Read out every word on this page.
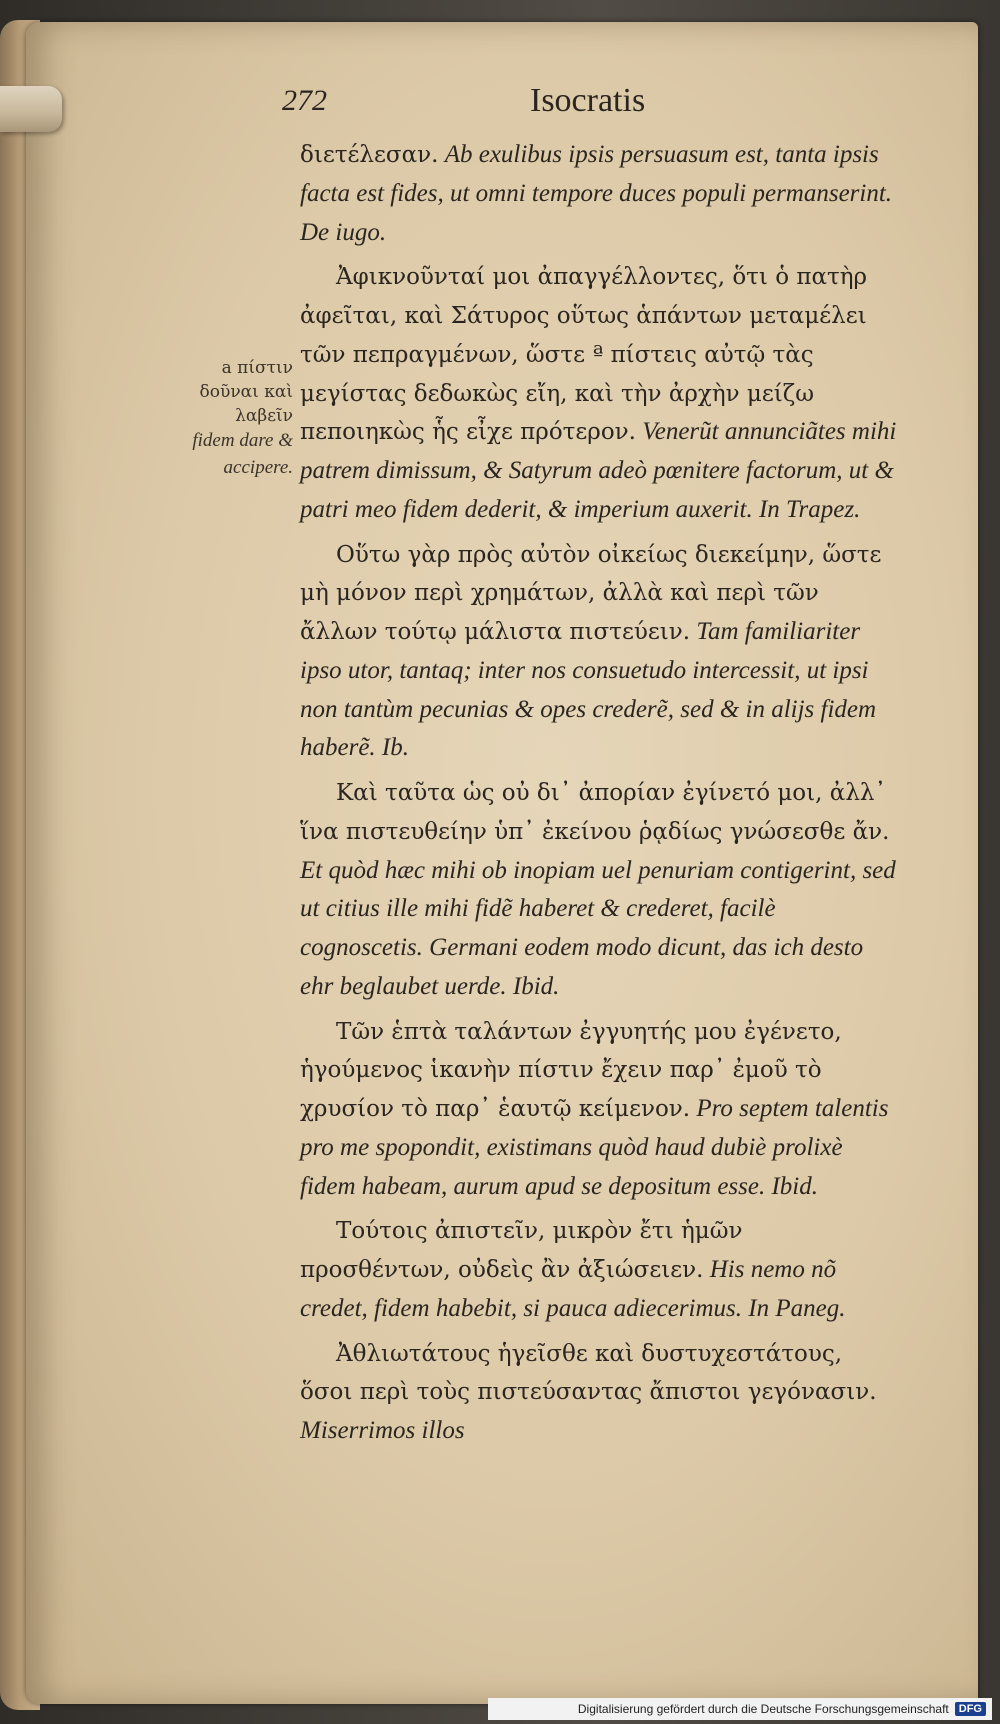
272	Isocratis
a πίστιν δοῦναι καὶ λαβεῖν
fidem dare & accipere.

διετέλεσαν. Ab exulibus ipsis persuasum est, tanta ipsis facta est fides, ut omni tempore duces populi permanserint. De iugo.

Ἀφικνοῦνταί μοι ἀπαγγέλλοντες, ὅτι ὁ πατὴρ ἀφεῖται, καὶ Σάτυρος οὕτως ἁπάντων μεταμέλει τῶν πεπραγμένων, ὥστε ª πίστεις αὐτῷ τὰς μεγίστας δεδωκὼς εἴη, καὶ τὴν ἀρχὴν μείζω πεποιηκὼς ἧς εἶχε πρότερον. Venerũt annunciãtes mihi patrem dimissum, & Satyrum adeò pœnitere factorum, ut & patri meo fidem dederit, & imperium auxerit. In Trapez.

Οὕτω γὰρ πρὸς αὐτὸν οἰκείως διεκείμην, ὥστε μὴ μόνον περὶ χρημάτων, ἀλλὰ καὶ περὶ τῶν ἄλλων τούτῳ μάλιστα πιστεύειν. Tam familiariter ipso utor, tantaq; inter nos consuetudo intercessit, ut ipsi non tantùm pecunias & opes crederẽ, sed & in alijs fidem haberẽ. Ib.

Καὶ ταῦτα ὡς οὐ δι᾽ ἀπορίαν ἐγίνετό μοι, ἀλλ᾽ ἵνα πιστευθείην ὑπ᾽ ἐκείνου ῥᾳδίως γνώσεσθε ἄν. Et quòd hæc mihi ob inopiam uel penuriam contigerint, sed ut citius ille mihi fidẽ haberet & crederet, facilè cognoscetis. Germani eodem modo dicunt, das ich desto ehr beglaubet uerde. Ibid.

Τῶν ἑπτὰ ταλάντων ἐγγυητής μου ἐγένετο, ἡγούμενος ἱκανὴν πίστιν ἔχειν παρ᾽ ἐμοῦ τὸ χρυσίον τὸ παρ᾽ ἑαυτῷ κείμενον. Pro septem talentis pro me spopondit, existimans quòd haud dubiè prolixè fidem habeam, aurum apud se depositum esse. Ibid.

Τούτοις ἀπιστεῖν, μικρὸν ἔτι ἡμῶν προσθέντων, οὐδεὶς ἂν ἀξιώσειεν. His nemo nõ credet, fidem habebit, si pauca adiecerimus. In Paneg.

Ἀθλιωτάτους ἡγεῖσθε καὶ δυστυχεστάτους, ὅσοι περὶ τοὺς πιστεύσαντας ἄπιστοι γεγόνασιν. Miserrimos illos

Digitalisierung gefördert durch die Deutsche Forschungsgemeinschaft DFG
